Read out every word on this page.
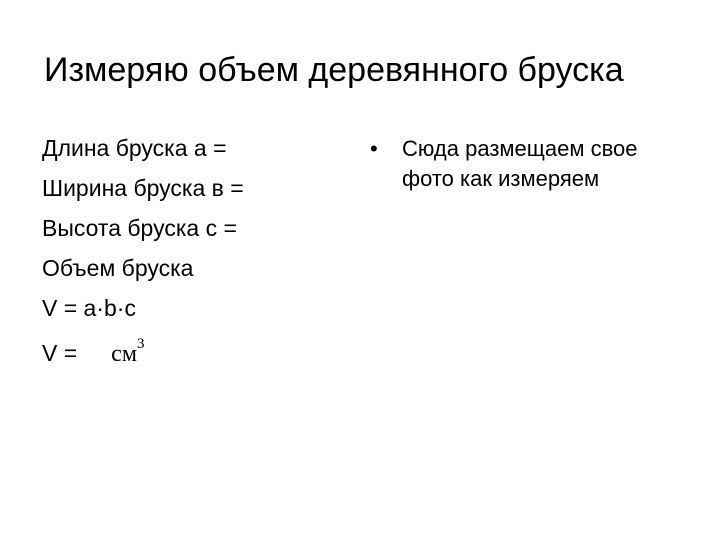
Измеряю объем деревянного бруска
Длина бруска a =
Ширина бруска в =
Высота бруска с =
Объем бруска
V = a·b·c
$V = см^3$
•	Сюда размещаем свое фото как измеряем
